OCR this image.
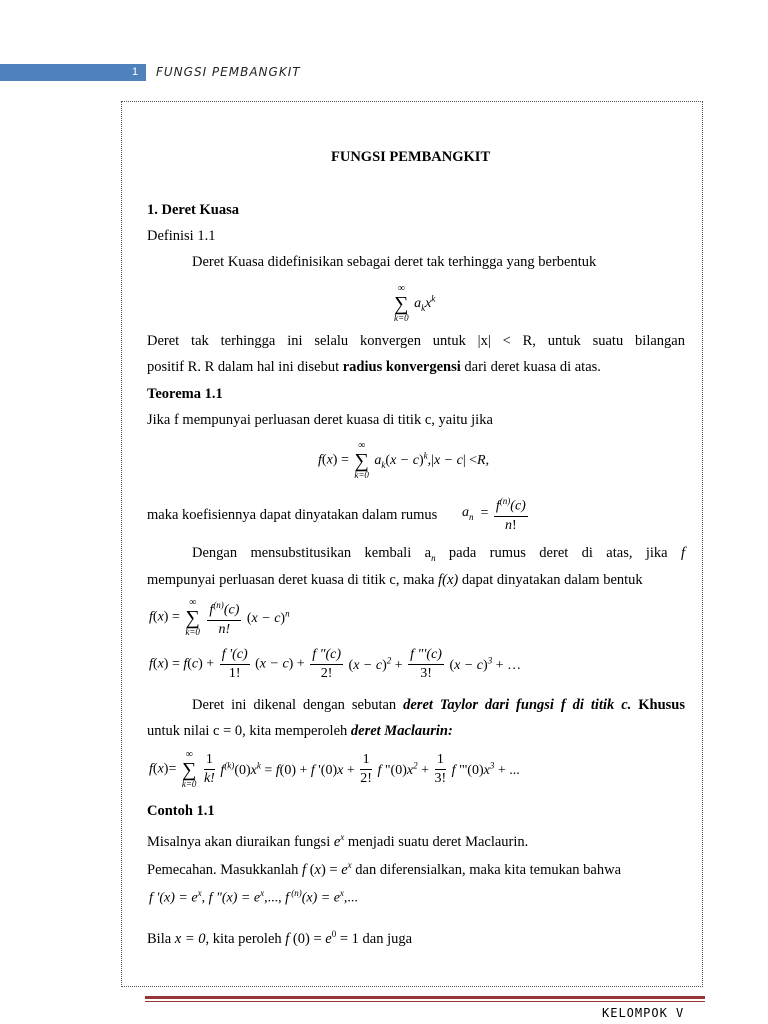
1	FUNGSI PEMBANGKIT
FUNGSI PEMBANGKIT
1. Deret Kuasa
Definisi 1.1
Deret Kuasa didefinisikan sebagai deret tak terhingga yang berbentuk
∞
∑
k=0
$a_kx^k$
Deret tak terhingga ini selalu konvergen untuk |x| < R, untuk suatu bilangan
positif R. R dalam hal ini disebut radius konvergensi dari deret kuasa di atas.
Teorema 1.1
Jika f mempunyai perluasan deret kuasa di titik c, yaitu jika
f(x) =
∞
∑
k=0
$a_k(x - c)^k,|x - c| <R$,
maka koefisiennya dapat dinyatakan dalam rumus $a_n = \frac{f^{(n)}(c)}{n!}$
Dengan mensubstitusikan kembali $a_n$ pada rumus deret di atas, jika f
mempunyai perluasan deret kuasa di titik c, maka f(x) dapat dinyatakan dalam bentuk
f(x) =
∞
∑
k=0
$\frac{f^{(n)}(c)}{n!} (x - c)^n$
$f(x) = f(c) + \frac{f '(c)}{1!} (x - c) + \frac{f "(c)}{2!} (x - c)^2 + \frac{f "'(c)}{3!} (x - c)^3$ + …
Deret ini dikenal dengan sebutan deret Taylor dari fungsi f di titik c. Khusus
untuk nilai c = 0, kita memperoleh deret Maclaurin:
f(x)=
∞
∑
k=0
$\frac{1}{k!} f^{(k)}(0)x^k = f(0) + f$ '$(0)x + \frac{1}{2!}$ f "$(0)x^2 + \frac{1}{3!}$ f "'$(0)x^3$ + ...
Contoh 1.1
Misalnya akan diuraikan fungsi $e^x$ menjadi suatu deret Maclaurin.
Pemecahan. Masukkanlah f $(x) = e^x$ dan diferensialkan, maka kita temukan bahwa
f '$(x) = e^x$, f "$(x) = e^x$,..., f $^{(n)}(x) = e^x$,...
Bila x = 0, kita peroleh f $(0) = e^0 = 1$ dan juga
KELOMPOK V
